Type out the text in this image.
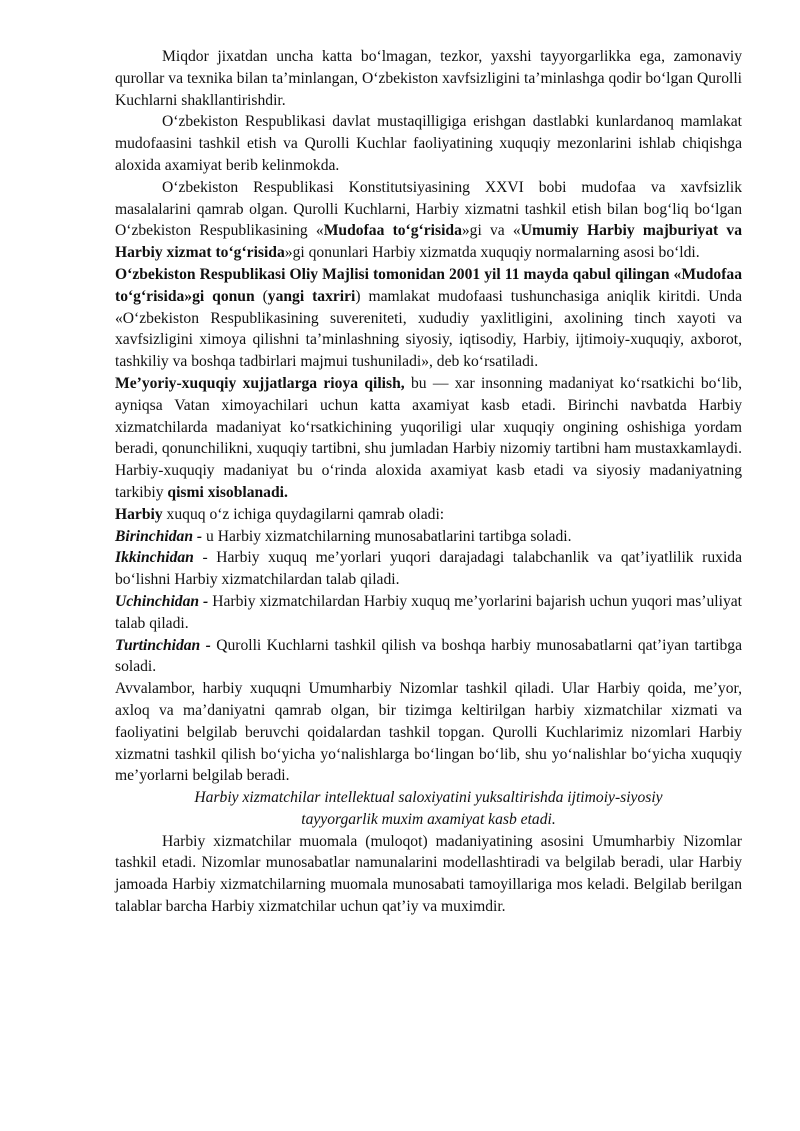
Miqdor jixatdan uncha katta bo‘lmagan, tezkor, yaxshi tayyorgarlikka ega, zamonaviy qurollar va texnika bilan ta’minlangan, O‘zbekiston xavfsizligini ta’minlashga qodir bo‘lgan Qurolli Kuchlarni shakllantirishdir.

O‘zbekiston Respublikasi davlat mustaqilligiga erishgan dastlabki kunlardanoq mamlakat mudofaasini tashkil etish va Qurolli Kuchlar faoliyatining xuquqiy mezonlarini ishlab chiqishga aloxida axamiyat berib kelinmokda.

O‘zbekiston Respublikasi Konstitutsiyasining XXVI bobi mudofaa va xavfsizlik masalalarini qamrab olgan. Qurolli Kuchlarni, Harbiy xizmatni tashkil etish bilan bog‘liq bo‘lgan O‘zbekiston Respublikasining «Mudofaa to‘g‘risida»gi va «Umumiy Harbiy majburiyat va Harbiy xizmat to‘g‘risida»gi qonunlari Harbiy xizmatda xuquqiy normalarning asosi bo‘ldi.

O‘zbekiston Respublikasi Oliy Majlisi tomonidan 2001 yil 11 mayda qabul qilingan «Mudofaa to‘g‘risida»gi qonun (yangi taxriri) mamlakat mudofaasi tushunchasiga aniqlik kiritdi. Unda «O‘zbekiston Respublikasining suvereniteti, xududiy yaxlitligini, axolining tinch xayoti va xavfsizligini ximoya qilishni ta’minlashning siyosiy, iqtisodiy, Harbiy, ijtimoiy-xuquqiy, axborot, tashkiliy va boshqa tadbirlari majmui tushuniladi», deb ko‘rsatiladi.

Me’yoriy-xuquqiy xujjatlarga rioya qilish, bu — xar insonning madaniyat ko‘rsatkichi bo‘lib, ayniqsa Vatan ximoyachilari uchun katta axamiyat kasb etadi. Birinchi navbatda Harbiy xizmatchilarda madaniyat ko‘rsatkichining yuqoriligi ular xuquqiy ongining oshishiga yordam beradi, qonunchilikni, xuquqiy tartibni, shu jumladan Harbiy nizomiy tartibni ham mustaxkamlaydi. Harbiy-xuquqiy madaniyat bu o‘rinda aloxida axamiyat kasb etadi va siyosiy madaniyatning tarkibiy qismi xisoblanadi.

Harbiy xuquq o‘z ichiga quydagilarni qamrab oladi:

Birinchidan - u Harbiy xizmatchilarning munosabatlarini tartibga soladi.

Ikkinchidan - Harbiy xuquq me’yorlari yuqori darajadagi talabchanlik va qat’iyatlilik ruxida bo‘lishni Harbiy xizmatchilardan talab qiladi.

Uchinchidan - Harbiy xizmatchilardan Harbiy xuquq me’yorlarini bajarish uchun yuqori mas’uliyat talab qiladi.

Turtinchidan - Qurolli Kuchlarni tashkil qilish va boshqa harbiy munosabatlarni qat’iyan tartibga soladi.

Avvalambor, harbiy xuquqni Umumharbiy Nizomlar tashkil qiladi. Ular Harbiy qoida, me’yor, axloq va ma’daniyatni qamrab olgan, bir tizimga keltirilgan harbiy xizmatchilar xizmati va faoliyatini belgilab beruvchi qoidalardan tashkil topgan. Qurolli Kuchlarimiz nizomlari Harbiy xizmatni tashkil qilish bo‘yicha yo‘nalishlarga bo‘lingan bo‘lib, shu yo‘nalishlar bo‘yicha xuquqiy me’yorlarni belgilab beradi.

Harbiy xizmatchilar intellektual saloxiyatini yuksaltirishda ijtimoiy-siyosiy
tayyorgarlik muxim axamiyat kasb etadi.

Harbiy xizmatchilar muomala (muloqot) madaniyatining asosini Umumharbiy Nizomlar tashkil etadi. Nizomlar munosabatlar namunalarini modellashtiradi va belgilab beradi, ular Harbiy jamoada Harbiy xizmatchilarning muomala munosabati tamoyillariga mos keladi. Belgilab berilgan talablar barcha Harbiy xizmatchilar uchun qat’iy va muximdir.
